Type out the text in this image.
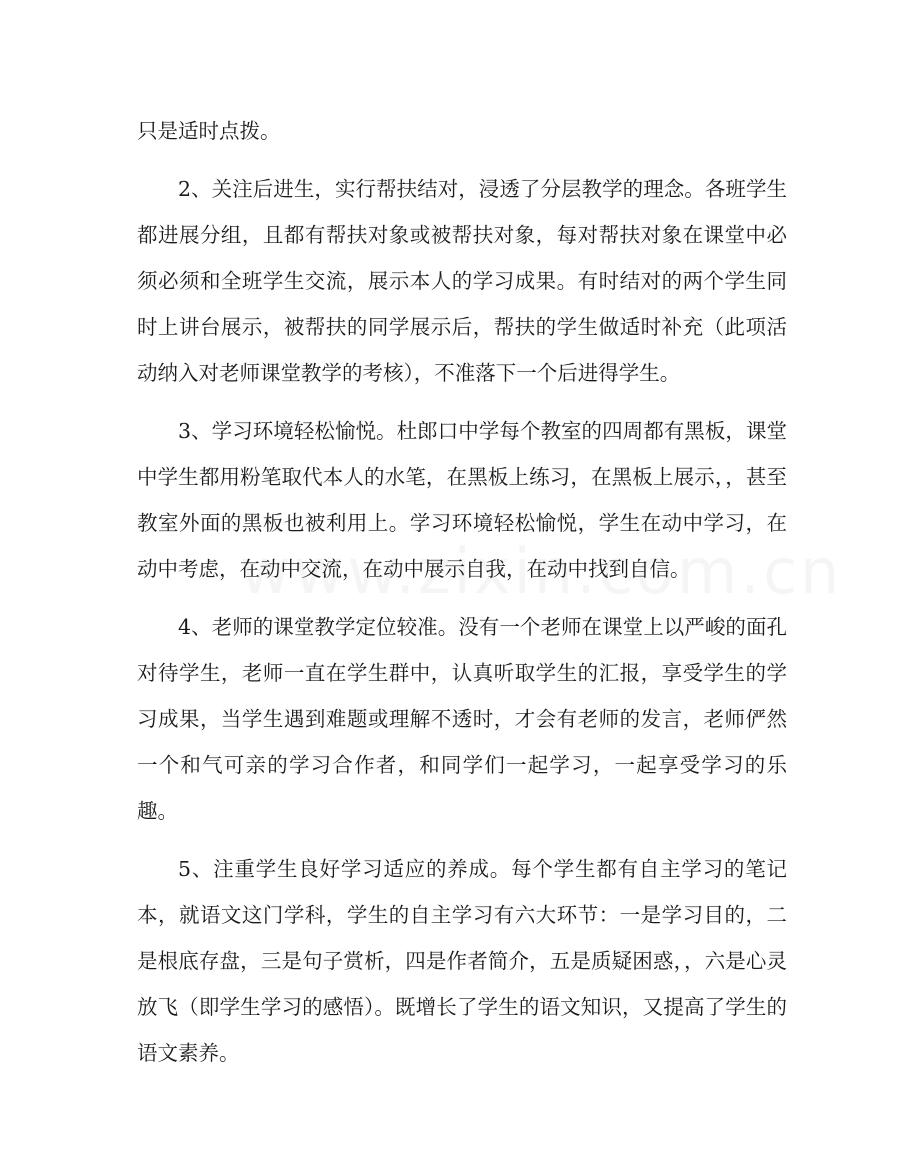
只是适时点拨。

2、关注后进生，实行帮扶结对，浸透了分层教学的理念。各班学生都进展分组，且都有帮扶对象或被帮扶对象，每对帮扶对象在课堂中必须必须和全班学生交流，展示本人的学习成果。有时结对的两个学生同时上讲台展示，被帮扶的同学展示后，帮扶的学生做适时补充（此项活动纳入对老师课堂教学的考核），不准落下一个后进得学生。

3、学习环境轻松愉悦。杜郎口中学每个教室的四周都有黑板，课堂中学生都用粉笔取代本人的水笔，在黑板上练习，在黑板上展示，，甚至教室外面的黑板也被利用上。学习环境轻松愉悦，学生在动中学习，在动中考虑，在动中交流，在动中展示自我，在动中找到自信。

4、老师的课堂教学定位较准。没有一个老师在课堂上以严峻的面孔对待学生，老师一直在学生群中，认真听取学生的汇报，享受学生的学习成果，当学生遇到难题或理解不透时，才会有老师的发言，老师俨然一个和气可亲的学习合作者，和同学们一起学习，一起享受学习的乐趣。

5、注重学生良好学习适应的养成。每个学生都有自主学习的笔记本，就语文这门学科，学生的自主学习有六大环节：一是学习目的，二是根底存盘，三是句子赏析，四是作者简介，五是质疑困惑，，六是心灵放飞（即学生学习的感悟）。既增长了学生的语文知识，又提高了学生的语文素养。
